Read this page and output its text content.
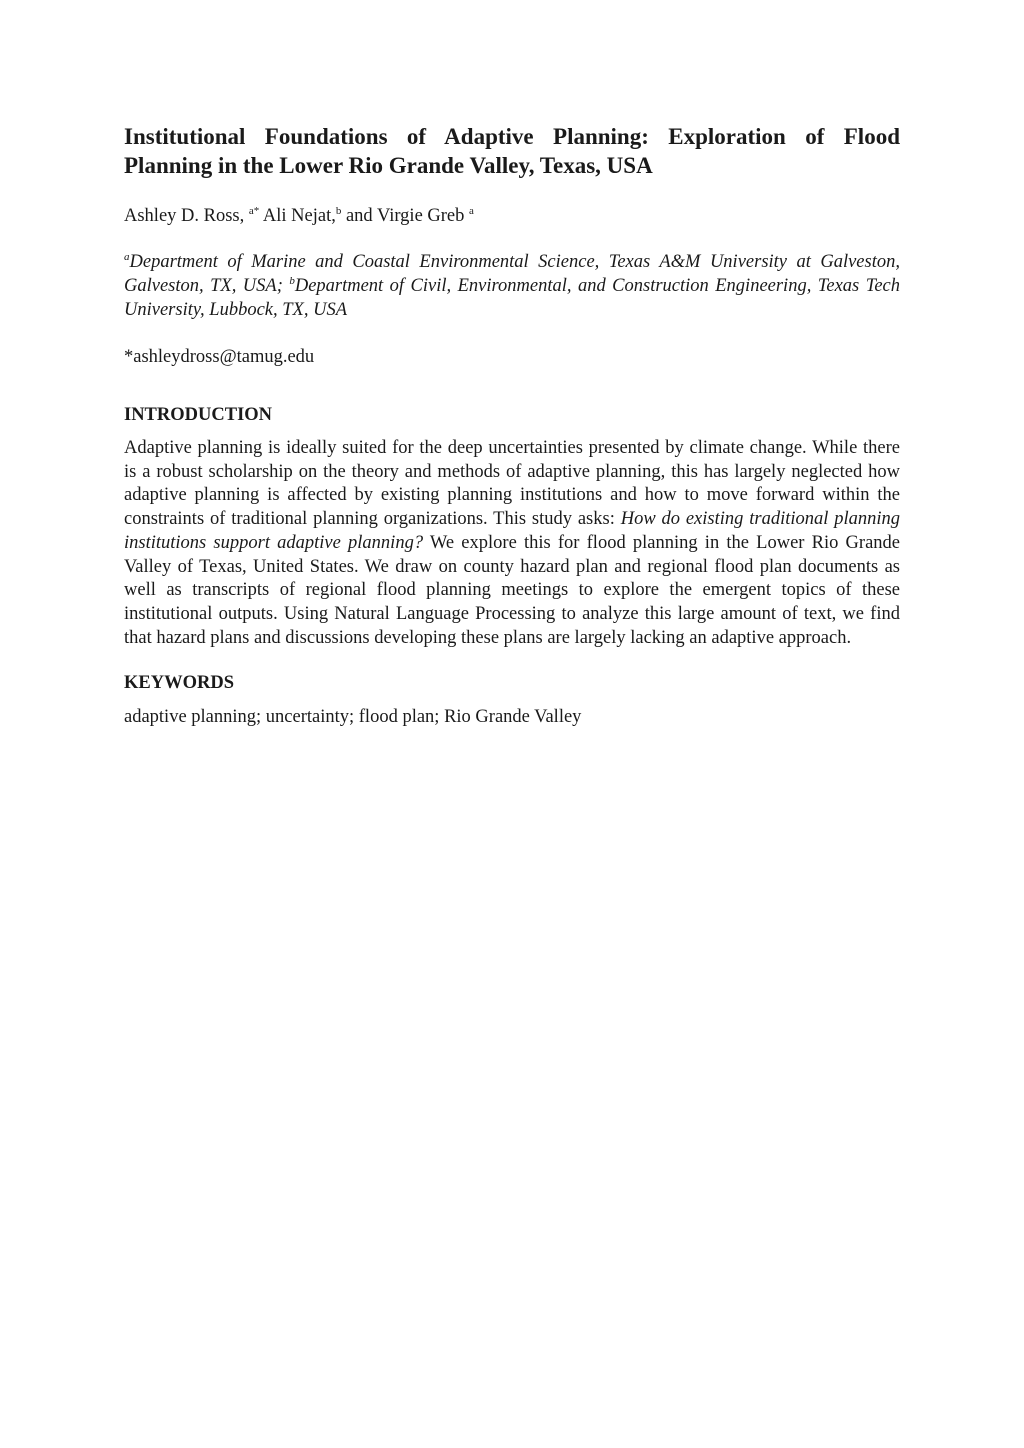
Institutional Foundations of Adaptive Planning: Exploration of Flood
Planning in the Lower Rio Grande Valley, Texas, USA
Ashley D. Ross, $^{a*}$ Ali Nejat,$^b$ and Virgie Greb $^a$
$^a$Department of Marine and Coastal Environmental Science, Texas A&M University at Galveston, Galveston, TX, USA; $^b$Department of Civil, Environmental, and Construction Engineering, Texas Tech University, Lubbock, TX, USA
*ashleydross@tamug.edu
INTRODUCTION

Adaptive planning is ideally suited for the deep uncertainties presented by climate change. While there is a robust scholarship on the theory and methods of adaptive planning, this has largely neglected how adaptive planning is affected by existing planning institutions and how to move forward within the constraints of traditional planning organizations. This study asks: How do existing traditional planning institutions support adaptive planning? We explore this for flood planning in the Lower Rio Grande Valley of Texas, United States. We draw on county hazard plan and regional flood plan documents as well as transcripts of regional flood planning meetings to explore the emergent topics of these institutional outputs. Using Natural Language Processing to analyze this large amount of text, we find that hazard plans and discussions developing these plans are largely lacking an adaptive approach.

KEYWORDS
adaptive planning; uncertainty; flood plan; Rio Grande Valley
